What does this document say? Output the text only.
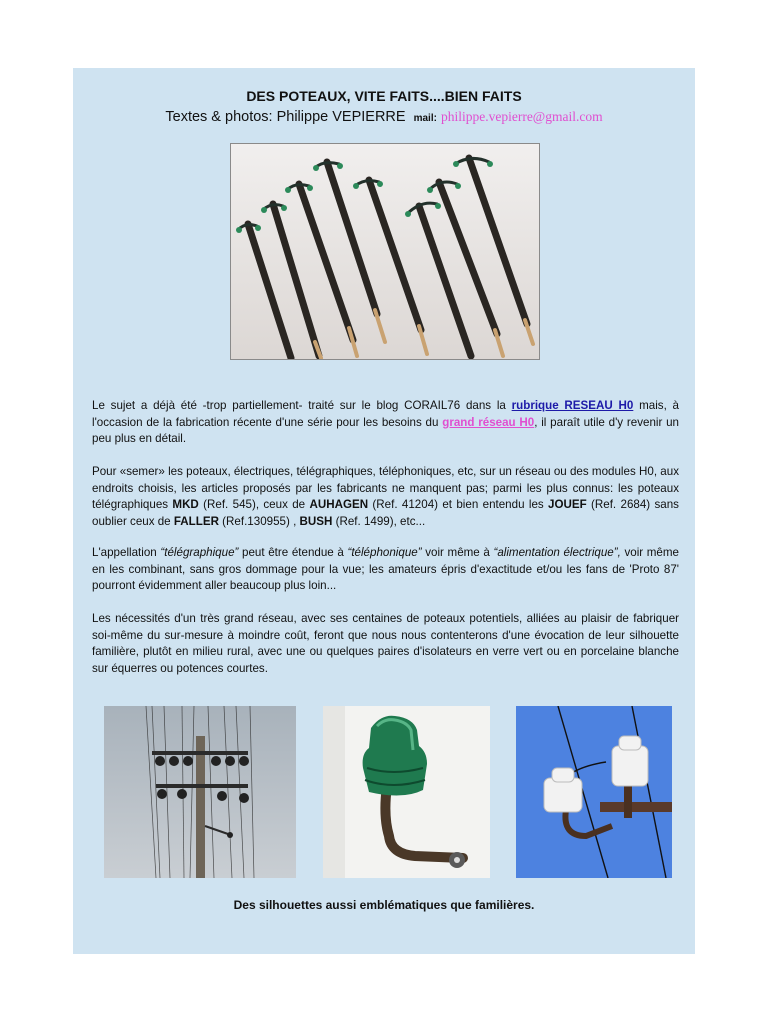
DES POTEAUX, VITE FAITS....BIEN FAITS
Textes & photos: Philippe VEPIERRE mail: philippe.vepierre@gmail.com
Le sujet a déjà été -trop partiellement- traité sur le blog CORAIL76 dans la rubrique RESEAU H0 mais, à l'occasion de la fabrication récente d'une série pour les besoins du grand réseau H0, il paraît utile d'y revenir un peu plus en détail.
Pour «semer» les poteaux, électriques, télégraphiques, téléphoniques, etc, sur un réseau ou des modules H0, aux endroits choisis, les articles proposés par les fabricants ne manquent pas; parmi les plus connus: les poteaux télégraphiques MKD (Ref. 545), ceux de AUHAGEN (Ref. 41204) et bien entendu les JOUEF (Ref. 2684) sans oublier ceux de FALLER (Ref.130955) , BUSH (Ref. 1499), etc...
L'appellation “télégraphique” peut être étendue à “téléphonique” voir même à “alimentation électrique”, voir même en les combinant, sans gros dommage pour la vue; les amateurs épris d'exactitude et/ou les fans de 'Proto 87' pourront évidemment aller beaucoup plus loin...
Les nécessités d'un très grand réseau, avec ses centaines de poteaux potentiels, alliées au plaisir de fabriquer soi-même du sur-mesure à moindre coût, feront que nous nous contenterons d'une évocation de leur silhouette familière, plutôt en milieu rural, avec une ou quelques paires d'isolateurs en verre vert ou en porcelaine blanche sur équerres ou potences courtes.
Des silhouettes aussi emblématiques que familières.
